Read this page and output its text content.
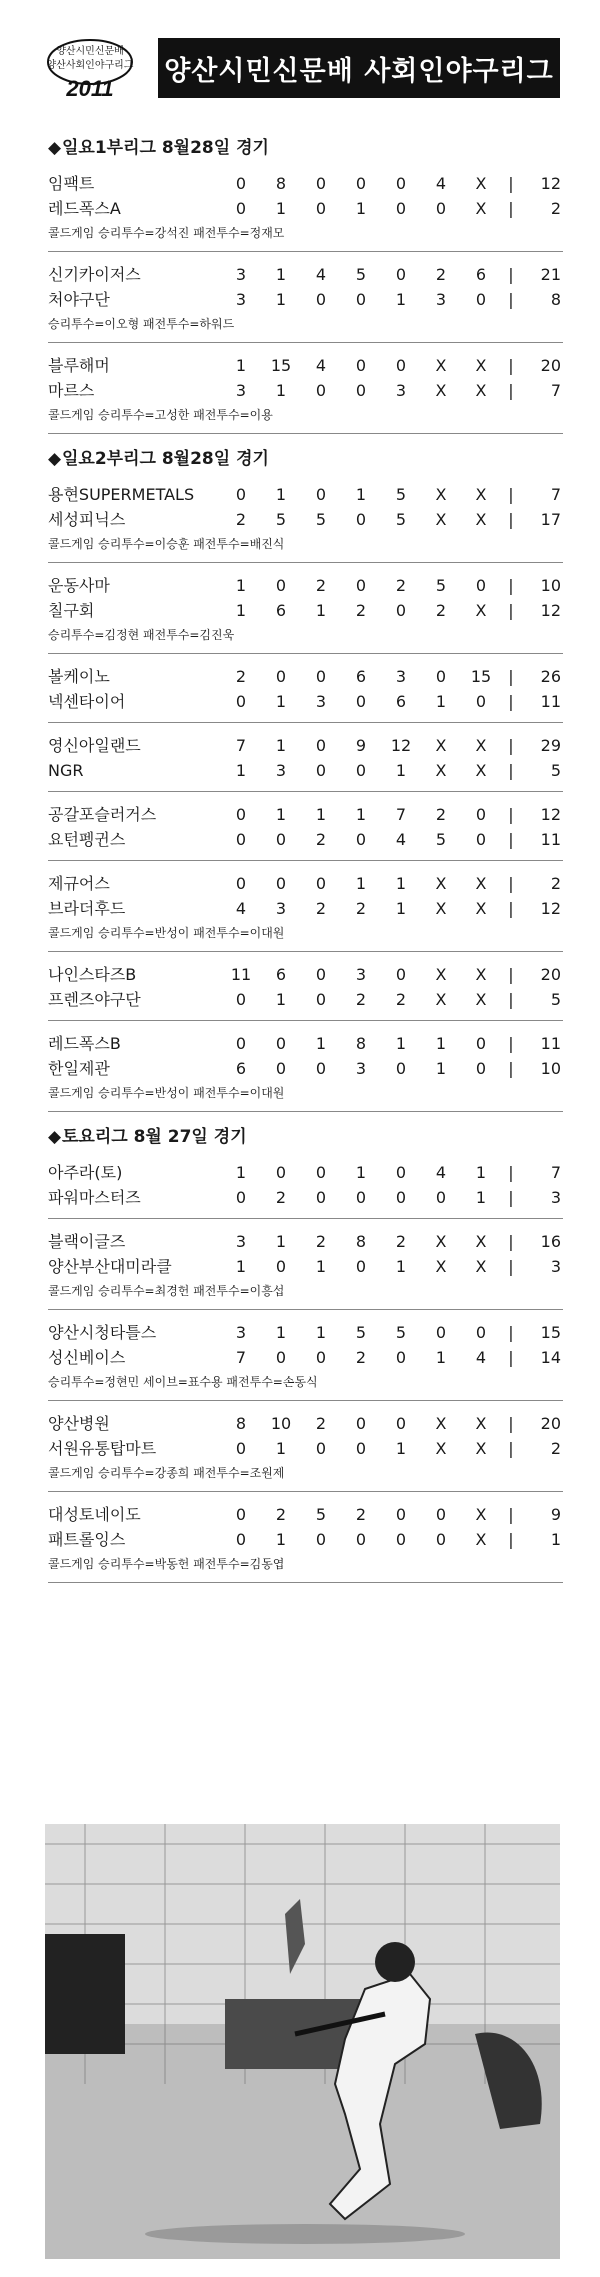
양산시민신문배
양산사회인야구리그
2011
양산시민신문배 사회인야구리그
◆일요1부리그 8월28일 경기
임팩트	0	8	0	0	0	4	X	|	12
레드폭스A	0	1	0	1	0	0	X	|	2
콜드게임 승리투수=강석진 패전투수=정재모
신기카이저스	3	1	4	5	0	2	6	|	21
처야구단	3	1	0	0	1	3	0	|	8
승리투수=이오형 패전투수=하워드
블루해머	1	15	4	0	0	X	X	|	20
마르스	3	1	0	0	3	X	X	|	7
콜드게임 승리투수=고성한 패전투수=이용
◆일요2부리그 8월28일 경기
용현SUPERMETALS	0	1	0	1	5	X	X	|	7
세성피닉스	2	5	5	0	5	X	X	|	17
콜드게임 승리투수=이승훈 패전투수=배진식
운동사마	1	0	2	0	2	5	0	|	10
칠구회	1	6	1	2	0	2	X	|	12
승리투수=김정현 패전투수=김진욱
볼케이노	2	0	0	6	3	0	15	|	26
넥센타이어	0	1	3	0	6	1	0	|	11
영신아일랜드	7	1	0	9	12	X	X	|	29
NGR	1	3	0	0	1	X	X	|	5
공갈포슬러거스	0	1	1	1	7	2	0	|	12
요턴펭귄스	0	0	2	0	4	5	0	|	11
제규어스	0	0	0	1	1	X	X	|	2
브라더후드	4	3	2	2	1	X	X	|	12
콜드게임 승리투수=반성이 패전투수=이대원
나인스타즈B	11	6	0	3	0	X	X	|	20
프렌즈야구단	0	1	0	2	2	X	X	|	5
레드폭스B	0	0	1	8	1	1	0	|	11
한일제관	6	0	0	3	0	1	0	|	10
콜드게임 승리투수=반성이 패전투수=이대원
◆토요리그 8월 27일 경기
아주라(토)	1	0	0	1	0	4	1	|	7
파워마스터즈	0	2	0	0	0	0	1	|	3
블랙이글즈	3	1	2	8	2	X	X	|	16
양산부산대미라클	1	0	1	0	1	X	X	|	3
콜드게임 승리투수=최경헌 패전투수=이흥섭
양산시청타틀스	3	1	1	5	5	0	0	|	15
성신베이스	7	0	0	2	0	1	4	|	14
승리투수=정현민 세이브=표수용 패전투수=손동식
양산병원	8	10	2	0	0	X	X	|	20
서원유통탑마트	0	1	0	0	1	X	X	|	2
콜드게임 승리투수=강종희 패전투수=조원제
대성토네이도	0	2	5	2	0	0	X	|	9
패트롤잉스	0	1	0	0	0	0	X	|	1
콜드게임 승리투수=박동헌 패전투수=김동엽
